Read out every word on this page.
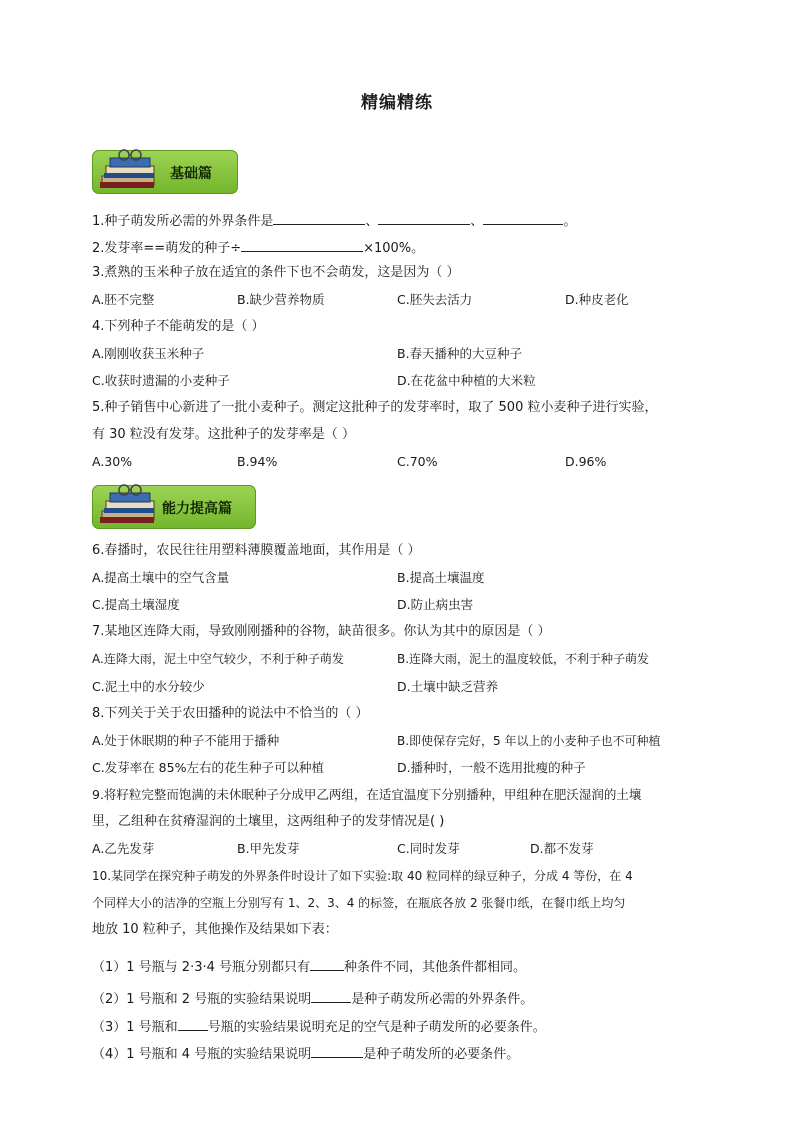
精编精练
基础篇
1.种子萌发所必需的外界条件是	、	、	。
2.发芽率==萌发的种子÷	×100%。
3.煮熟的玉米种子放在适宜的条件下也不会萌发，这是因为（ ）
A.胚不完整	B.缺少营养物质	C.胚失去活力	D.种皮老化
4.下列种子不能萌发的是（ ）
A.刚刚收获玉米种子	B.春天播种的大豆种子
C.收获时遗漏的小麦种子	D.在花盆中种植的大米粒
5.种子销售中心新进了一批小麦种子。测定这批种子的发芽率时，取了 500 粒小麦种子进行实验，
有 30 粒没有发芽。这批种子的发芽率是（ ）
A.30%	B.94%	C.70%	D.96%
能力提高篇
6.春播时，农民往往用塑料薄膜覆盖地面，其作用是（ ）
A.提高土壤中的空气含量	B.提高土壤温度
C.提高土壤湿度	D.防止病虫害
7.某地区连降大雨，导致刚刚播种的谷物，缺苗很多。你认为其中的原因是（ ）
A.连降大雨，泥土中空气较少，不利于种子萌发	B.连降大雨，泥土的温度较低，不利于种子萌发
C.泥土中的水分较少	D.土壤中缺乏营养
8.下列关于关于农田播种的说法中不恰当的（ ）
A.处于休眠期的种子不能用于播种	B.即使保存完好，5 年以上的小麦种子也不可种植
C.发芽率在 85%左右的花生种子可以种植	D.播种时，一般不选用批瘦的种子
9.将籽粒完整而饱满的未休眠种子分成甲乙两组，在适宜温度下分别播种，甲组种在肥沃湿润的土壤
里，乙组种在贫瘠湿润的土壤里，这两组种子的发芽情况是( )
A.乙先发芽	B.甲先发芽	C.同时发芽	D.都不发芽
10.某同学在探究种子萌发的外界条件时设计了如下实验:取 40 粒同样的绿豆种子，分成 4 等份，在 4
个同样大小的洁净的空瓶上分别写有 1、2、3、4 的标签，在瓶底各放 2 张餐巾纸，在餐巾纸上均匀
地放 10 粒种子，其他操作及结果如下表：
（1）1 号瓶与 2·3·4 号瓶分别都只有	种条件不同，其他条件都相同。
（2）1 号瓶和 2 号瓶的实验结果说明	是种子萌发所必需的外界条件。
（3）1 号瓶和 号瓶的实验结果说明充足的空气是种子萌发所的必要条件。
（4）1 号瓶和 4 号瓶的实验结果说明	是种子萌发所的必要条件。
